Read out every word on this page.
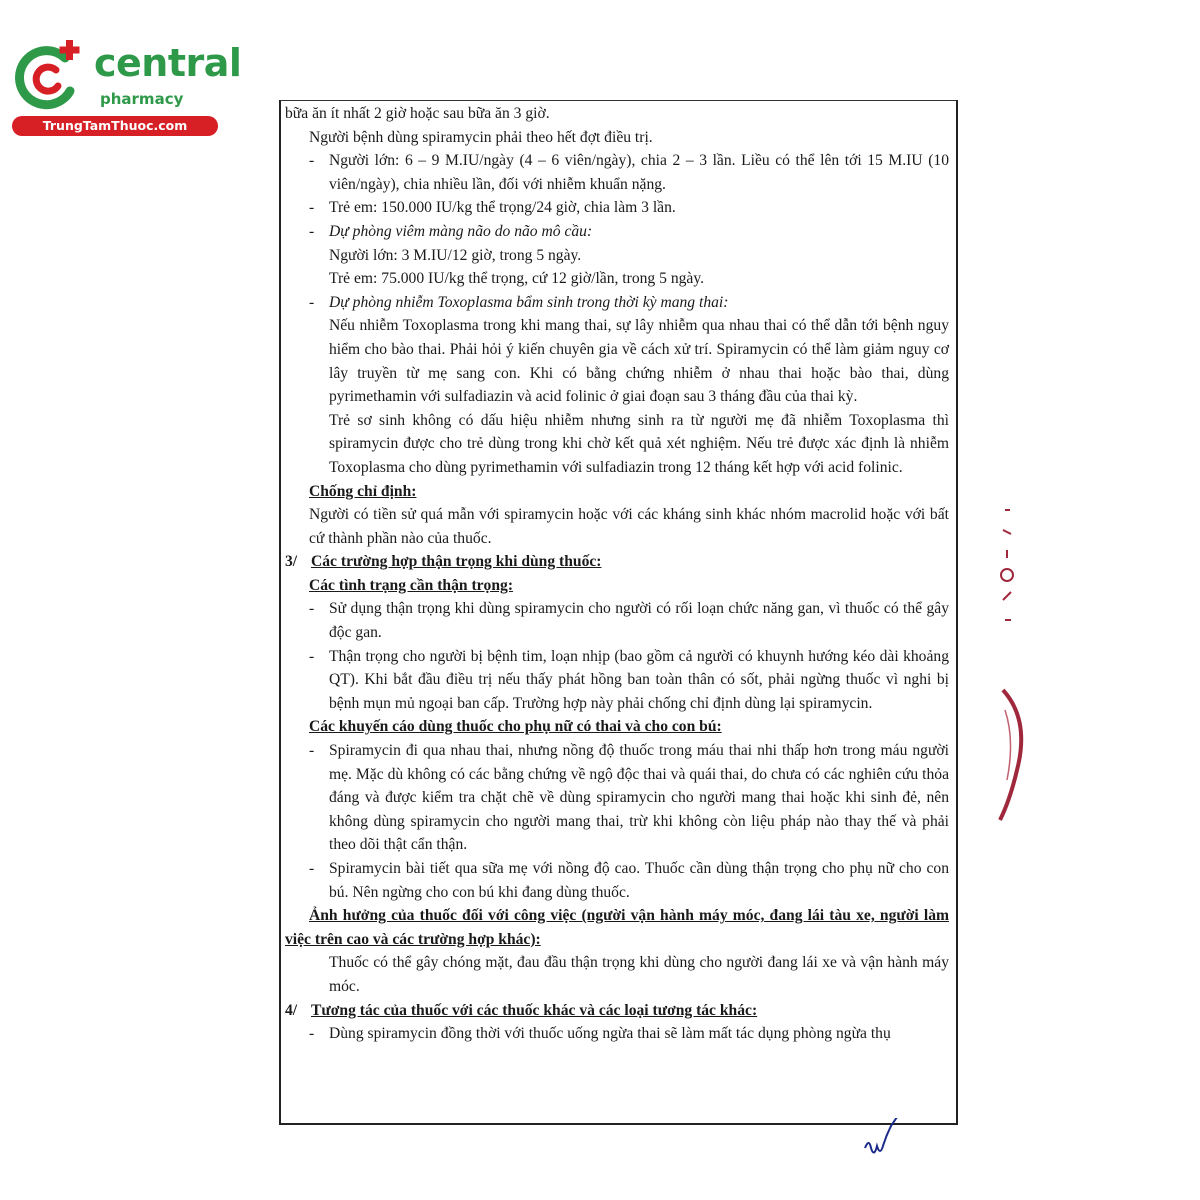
central
pharmacy
TrungTamThuoc.com

bữa ăn ít nhất 2 giờ hoặc sau bữa ăn 3 giờ.

Người bệnh dùng spiramycin phải theo hết đợt điều trị.

- Người lớn: 6 – 9 M.IU/ngày (4 – 6 viên/ngày), chia 2 – 3 lần. Liều có thể lên tới 15 M.IU (10 viên/ngày), chia nhiều lần, đối với nhiễm khuẩn nặng.

- Trẻ em: 150.000 IU/kg thể trọng/24 giờ, chia làm 3 lần.

- Dự phòng viêm màng não do não mô cầu:

Người lớn: 3 M.IU/12 giờ, trong 5 ngày.

Trẻ em: 75.000 IU/kg thể trọng, cứ 12 giờ/lần, trong 5 ngày.

- Dự phòng nhiễm Toxoplasma bẩm sinh trong thời kỳ mang thai:

Nếu nhiễm Toxoplasma trong khi mang thai, sự lây nhiễm qua nhau thai có thể dẫn tới bệnh nguy hiểm cho bào thai. Phải hỏi ý kiến chuyên gia về cách xử trí. Spiramycin có thể làm giảm nguy cơ lây truyền từ mẹ sang con. Khi có bằng chứng nhiễm ở nhau thai hoặc bào thai, dùng pyrimethamin với sulfadiazin và acid folinic ở giai đoạn sau 3 tháng đầu của thai kỳ.

Trẻ sơ sinh không có dấu hiệu nhiễm nhưng sinh ra từ người mẹ đã nhiễm Toxoplasma thì spiramycin được cho trẻ dùng trong khi chờ kết quả xét nghiệm. Nếu trẻ được xác định là nhiễm Toxoplasma cho dùng pyrimethamin với sulfadiazin trong 12 tháng kết hợp với acid folinic.

Chống chỉ định:

Người có tiền sử quá mẫn với spiramycin hoặc với các kháng sinh khác nhóm macrolid hoặc với bất cứ thành phần nào của thuốc.

3/ Các trường hợp thận trọng khi dùng thuốc:

Các tình trạng cần thận trọng:

- Sử dụng thận trọng khi dùng spiramycin cho người có rối loạn chức năng gan, vì thuốc có thể gây độc gan.

- Thận trọng cho người bị bệnh tim, loạn nhịp (bao gồm cả người có khuynh hướng kéo dài khoảng QT). Khi bắt đầu điều trị nếu thấy phát hồng ban toàn thân có sốt, phải ngừng thuốc vì nghi bị bệnh mụn mủ ngoại ban cấp. Trường hợp này phải chống chỉ định dùng lại spiramycin.

Các khuyến cáo dùng thuốc cho phụ nữ có thai và cho con bú:

- Spiramycin đi qua nhau thai, nhưng nồng độ thuốc trong máu thai nhi thấp hơn trong máu người mẹ. Mặc dù không có các bằng chứng về ngộ độc thai và quái thai, do chưa có các nghiên cứu thỏa đáng và được kiểm tra chặt chẽ về dùng spiramycin cho người mang thai hoặc khi sinh đẻ, nên không dùng spiramycin cho người mang thai, trừ khi không còn liệu pháp nào thay thế và phải theo dõi thật cẩn thận.

- Spiramycin bài tiết qua sữa mẹ với nồng độ cao. Thuốc cần dùng thận trọng cho phụ nữ cho con bú. Nên ngừng cho con bú khi đang dùng thuốc.

Ảnh hưởng của thuốc đối với công việc (người vận hành máy móc, đang lái tàu xe, người làm việc trên cao và các trường hợp khác):

Thuốc có thể gây chóng mặt, đau đầu thận trọng khi dùng cho người đang lái xe và vận hành máy móc.

4/ Tương tác của thuốc với các thuốc khác và các loại tương tác khác:

- Dùng spiramycin đồng thời với thuốc uống ngừa thai sẽ làm mất tác dụng phòng ngừa thụ
